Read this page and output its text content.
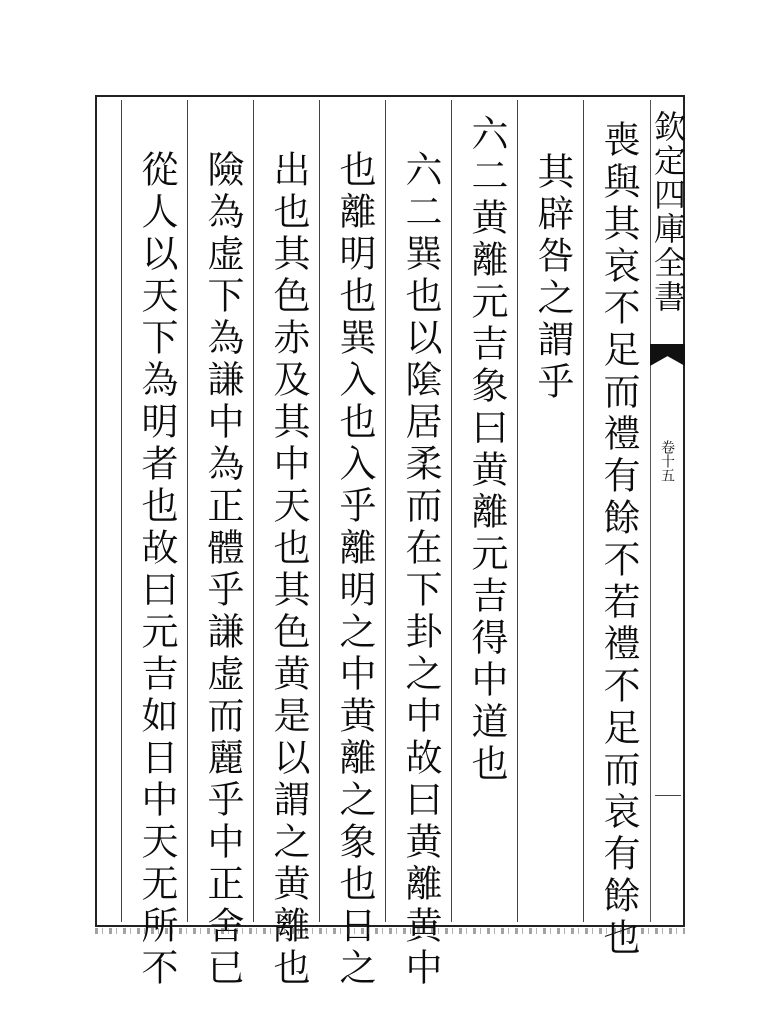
欽定四庫全書
卷十五
喪與其哀不足而禮有餘不若禮不足而哀有餘也
其辟咎之謂乎
六二黄離元吉象曰黄離元吉得中道也
六二巽也以隂居柔而在下卦之中故曰黄離黄中
也離明也巽入也入乎離明之中黄離之象也日之
出也其色赤及其中天也其色黄是以謂之黄離也
險為虚下為謙中為正體乎謙虚而麗乎中正舍已
從人以天下為明者也故曰元吉如日中天无所不
